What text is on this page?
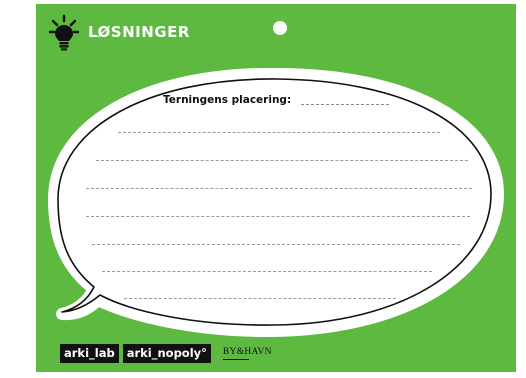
LØSNINGER
Terningens placering:
arki_lab	arki_nopoly°	BY&HAVN
